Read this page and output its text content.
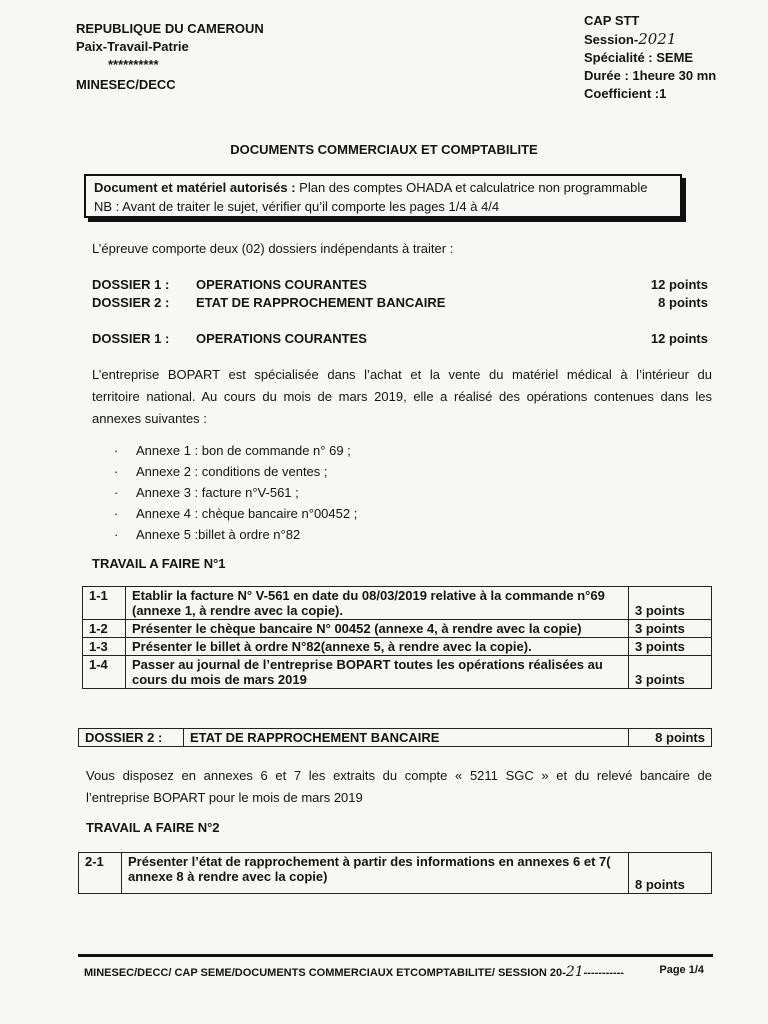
REPUBLIQUE DU CAMEROUN
Paix-Travail-Patrie
**********
MINESEC/DECC
CAP STT
Session-2021
Spécialité : SEME
Durée : 1heure 30 mn
Coefficient :1
DOCUMENTS COMMERCIAUX ET COMPTABILITE
Document et matériel autorisés : Plan des comptes OHADA et calculatrice non programmable
NB : Avant de traiter le sujet, vérifier qu’il comporte les pages 1/4 à 4/4
L’épreuve comporte deux (02) dossiers indépendants à traiter :
DOSSIER 1 : OPERATIONS COURANTES	12 points
DOSSIER 2 : ETAT DE RAPPROCHEMENT BANCAIRE	8 points
DOSSIER 1 : OPERATIONS COURANTES	12 points
L’entreprise BOPART est spécialisée dans l’achat et la vente du matériel médical à l’intérieur du
territoire national. Au cours du mois de mars 2019, elle a réalisé des opérations contenues dans les
annexes suivantes :
· Annexe 1 : bon de commande n° 69 ;
· Annexe 2 : conditions de ventes ;
· Annexe 3 : facture n°V-561 ;
· Annexe 4 : chèque bancaire n°00452 ;
· Annexe 5 :billet à ordre n°82
TRAVAIL A FAIRE N°1
1-1	Etablir la facture N° V-561 en date du 08/03/2019 relative à la commande n°69 (annexe 1, à rendre avec la copie).	3 points
1-2	Présenter le chèque bancaire N° 00452 (annexe 4, à rendre avec la copie)	3 points
1-3	Présenter le billet à ordre N°82(annexe 5, à rendre avec la copie).	3 points
1-4	Passer au journal de l’entreprise BOPART toutes les opérations réalisées au cours du mois de mars 2019	3 points
DOSSIER 2 :	ETAT DE RAPPROCHEMENT BANCAIRE	8 points
Vous disposez en annexes 6 et 7 les extraits du compte « 5211 SGC » et du relevé bancaire de
l’entreprise BOPART pour le mois de mars 2019
TRAVAIL A FAIRE N°2
2-1	Présenter l’état de rapprochement à partir des informations en annexes 6 et 7( annexe 8 à rendre avec la copie)	8 points
MINESEC/DECC/ CAP SEME/DOCUMENTS COMMERCIAUX ETCOMPTABILITE/ SESSION 20-21-----------	Page 1/4
